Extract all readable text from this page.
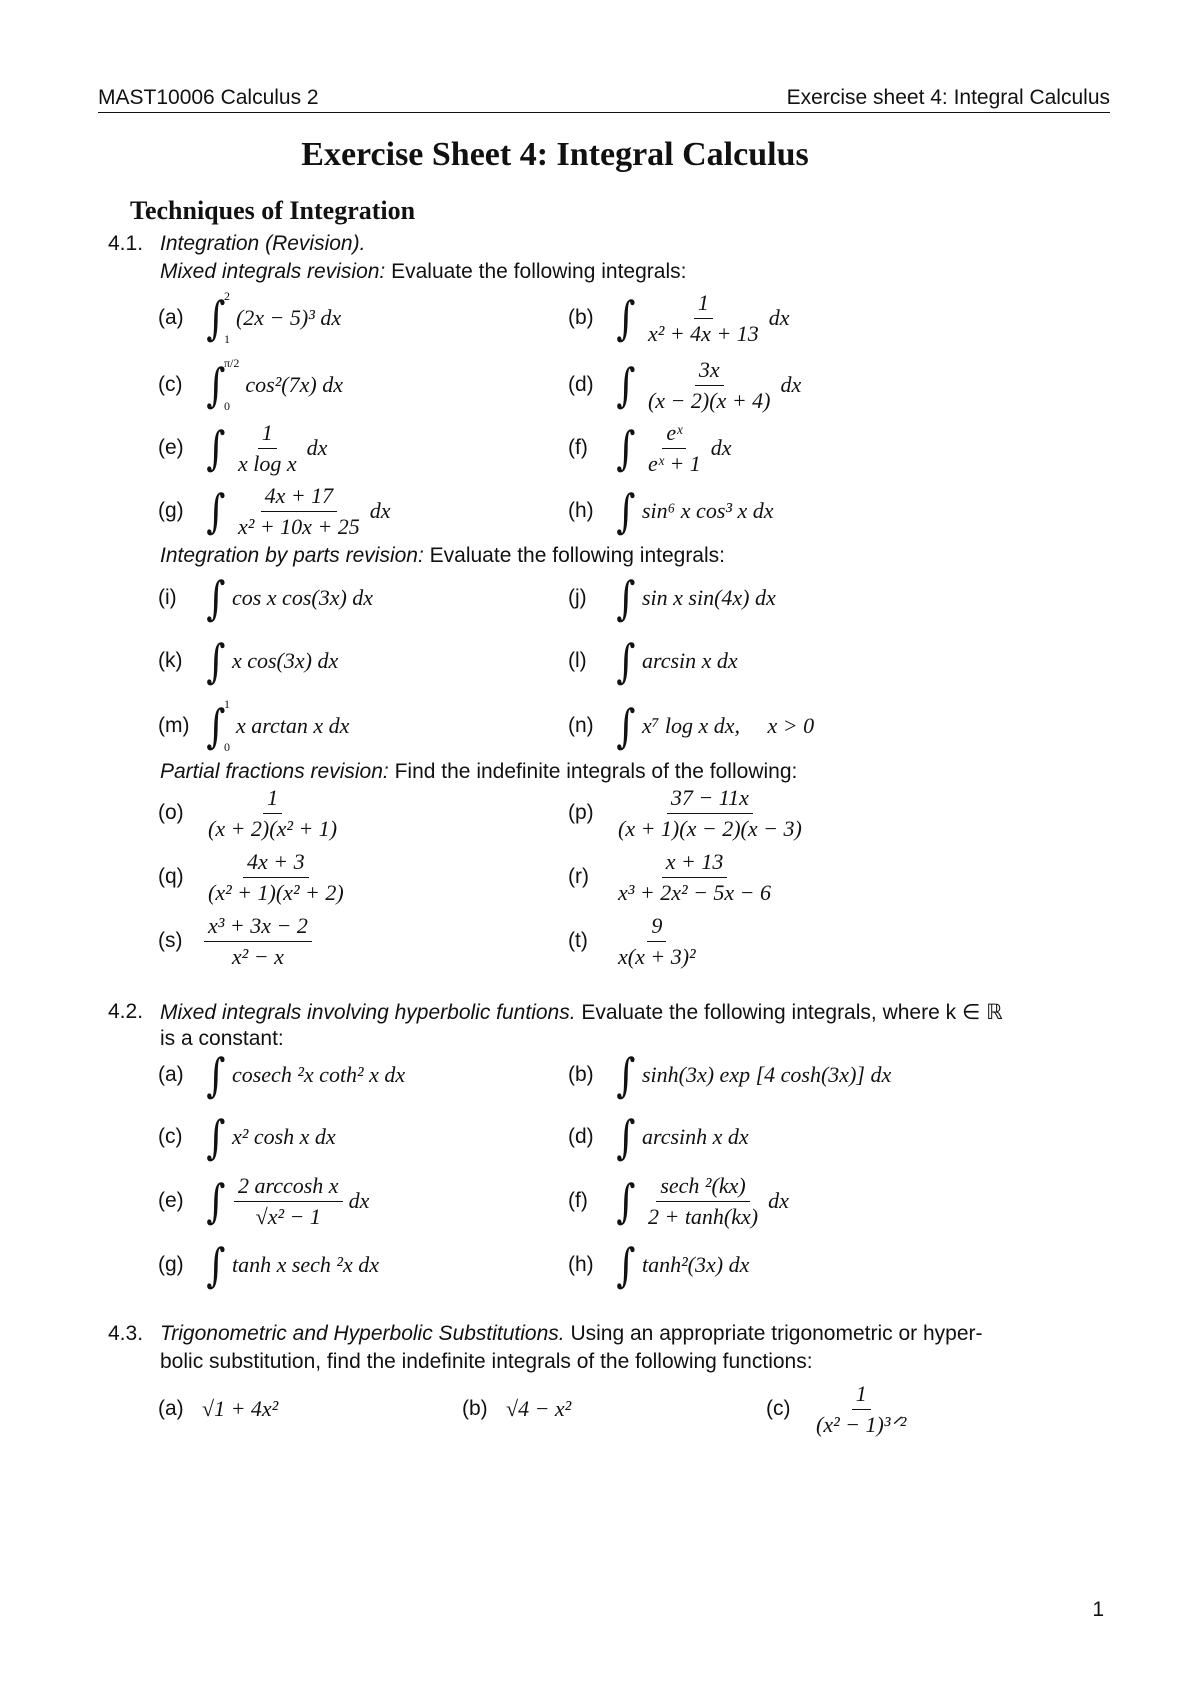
MAST10006 Calculus 2	Exercise sheet 4: Integral Calculus
Exercise Sheet 4: Integral Calculus
Techniques of Integration
4.1. Integration (Revision).
Mixed integrals revision: Evaluate the following integrals:
(a) ∫
2
1
(2x − 5)³ dx	(b) ∫ $\frac{1}{\text{x² + 4x + 13}}$ dx
(c) ∫
π/2
0
cos²(7x) dx	(d) ∫ $\frac{3x}{(x - 2)(x + 4)}$ dx
(e) ∫ $\frac{1}{\text{x log x}}$ dx	(f) ∫ $\frac{\text{eˣ}}{\text{eˣ + 1}}$ dx
(g) ∫ $\frac{4x + 17}{\text{x² + 10x + 25}}$ dx	(h) ∫ sin⁶ x cos³ x dx
Integration by parts revision: Evaluate the following integrals:
(i) ∫ cos x cos(3x) dx	(j) ∫ sin x sin(4x) dx
(k) ∫ x cos(3x) dx	(l) ∫ arcsin x dx
(m) ∫
1
0
x arctan x dx	(n) ∫ x⁷ log x dx,     x > 0
Partial fractions revision: Find the indefinite integrals of the following:
$(o) \frac{1}{\text{(x + 2)(x² + 1)}}$	$(p) \frac{37 - 11x}{(x + 1)(x - 2)(x - 3)}$
$(q) \frac{4x + 3}{\text{(x² + 1)(x² + 2)}}$	(r)	$\frac{x + 13}{\text{x³ + 2x² − 5x − 6}}$
$(s) \frac{\text{x³ + 3x − 2}}{\text{x² − x}}$	(t)	$\frac{9}{\text{x(x + 3)²}}$
4.2. Mixed integrals involving hyperbolic funtions. Evaluate the following integrals, where k ∈ ℝ
is a constant:
(a) ∫ cosech ²x coth² x dx	(b) ∫ sinh(3x) exp [4 cosh(3x)] dx
(c) ∫ x² cosh x dx	(d) ∫ arcsinh x dx
(e) ∫ $\frac{\text{2 arccosh x}}{\text{√x² − 1}}$ dx	(f) ∫ $\frac{\text{sech ²(kx)}}{2 + \tanh(kx)}$ dx
(g) ∫ tanh x sech ²x dx	(h) ∫ tanh²(3x) dx
4.3. Trigonometric and Hyperbolic Substitutions. Using an appropriate trigonometric or hyper-
bolic substitution, find the indefinite integrals of the following functions:
(a) √1 + 4x²	(b) √4 − x²	$(c) \frac{1}{\text{(x² − 1)³ᐟ²}}$
1
